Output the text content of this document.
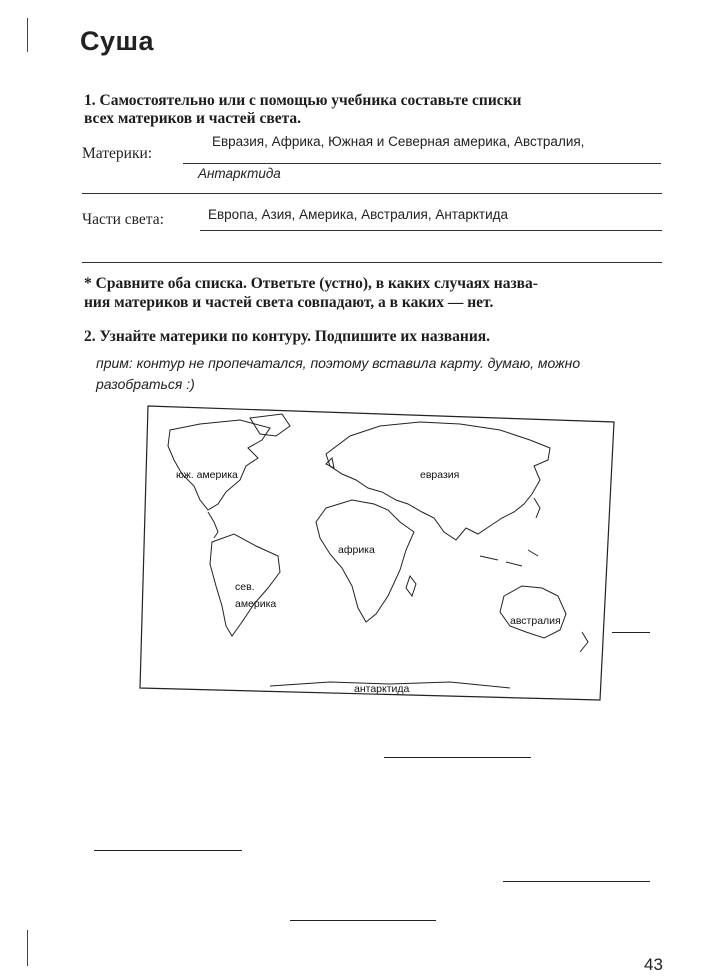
Суша
1. Самостоятельно или с помощью учебника составьте списки
всех материков и частей света.
Материки:
Евразия, Африка, Южная и Северная америка, Австралия,
Антарктида
Части света:	Европа, Азия, Америка, Австралия, Антарктида
* Сравните оба списка. Ответьте (устно), в каких случаях назва-
ния материков и частей света совпадают, а в каких — нет.
2. Узнайте материки по контуру. Подпишите их названия.
прим: контур не пропечатался, поэтому вставила карту. думаю, можно
разобраться :)
юж. америка	евразия
африка
сев.
америка
австралия
антарктида
43
